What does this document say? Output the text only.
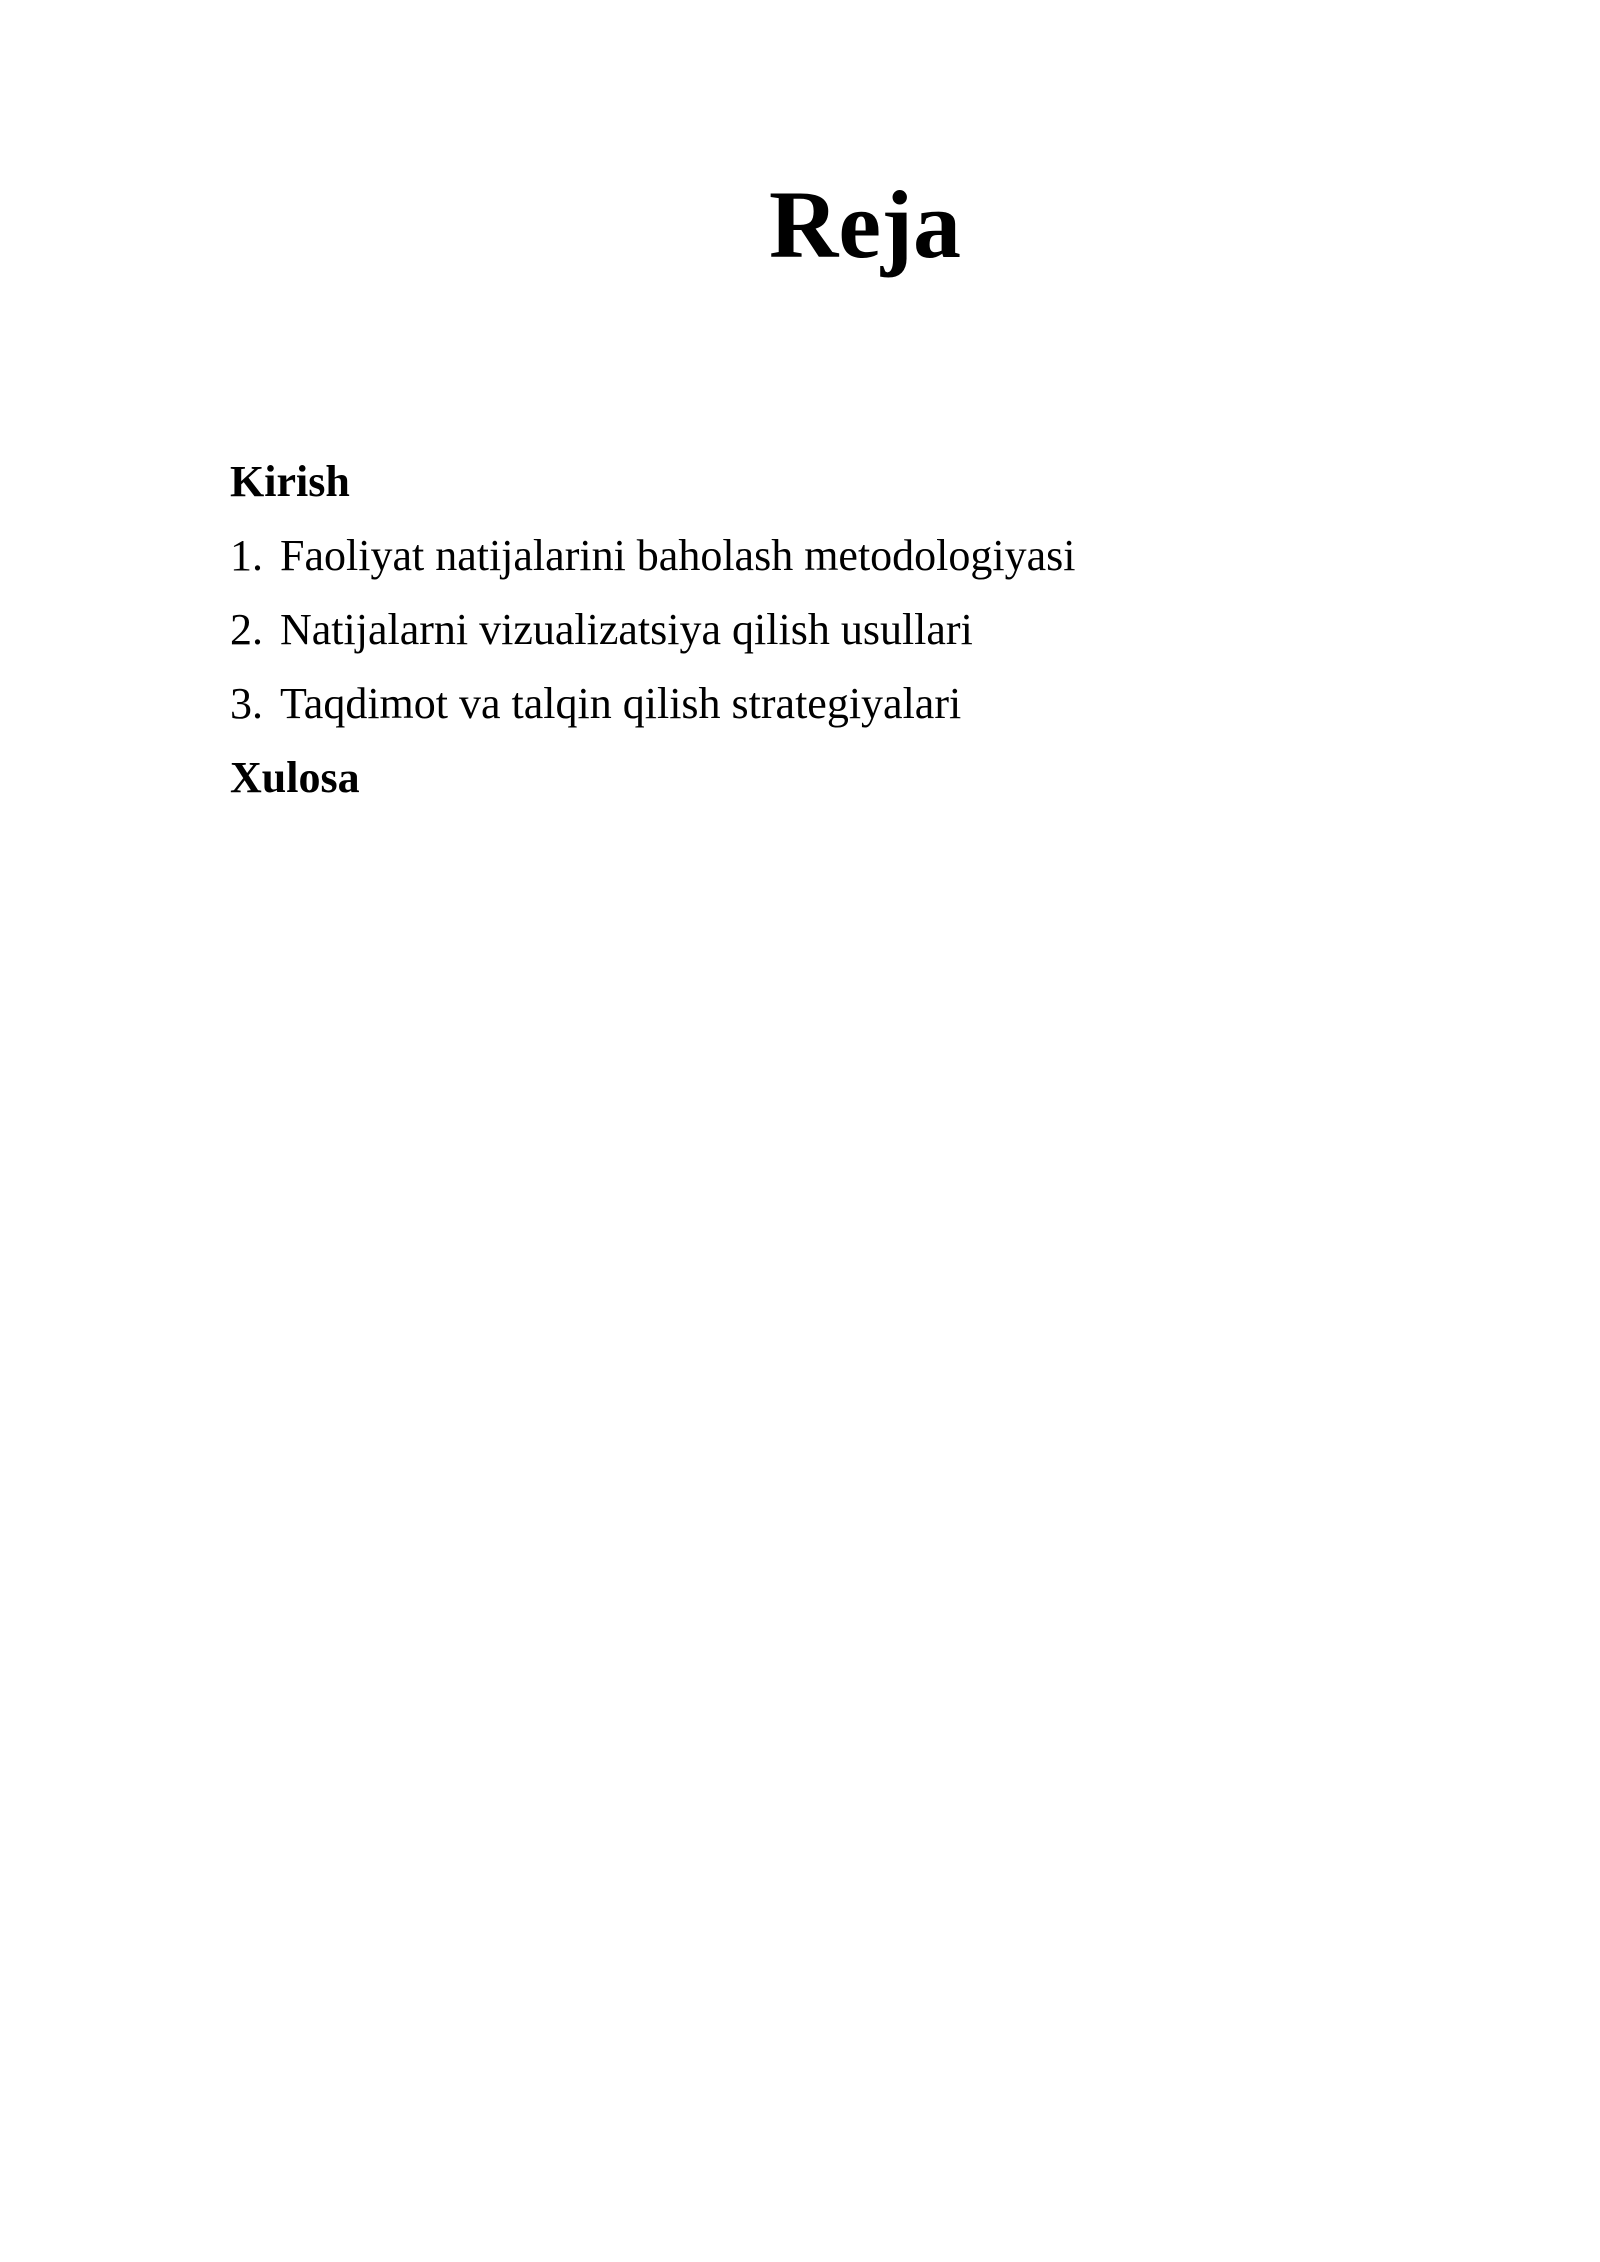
Reja
Kirish
1. Faoliyat natijalarini baholash metodologiyasi
2. Natijalarni vizualizatsiya qilish usullari
3. Taqdimot va talqin qilish strategiyalari
Xulosa
